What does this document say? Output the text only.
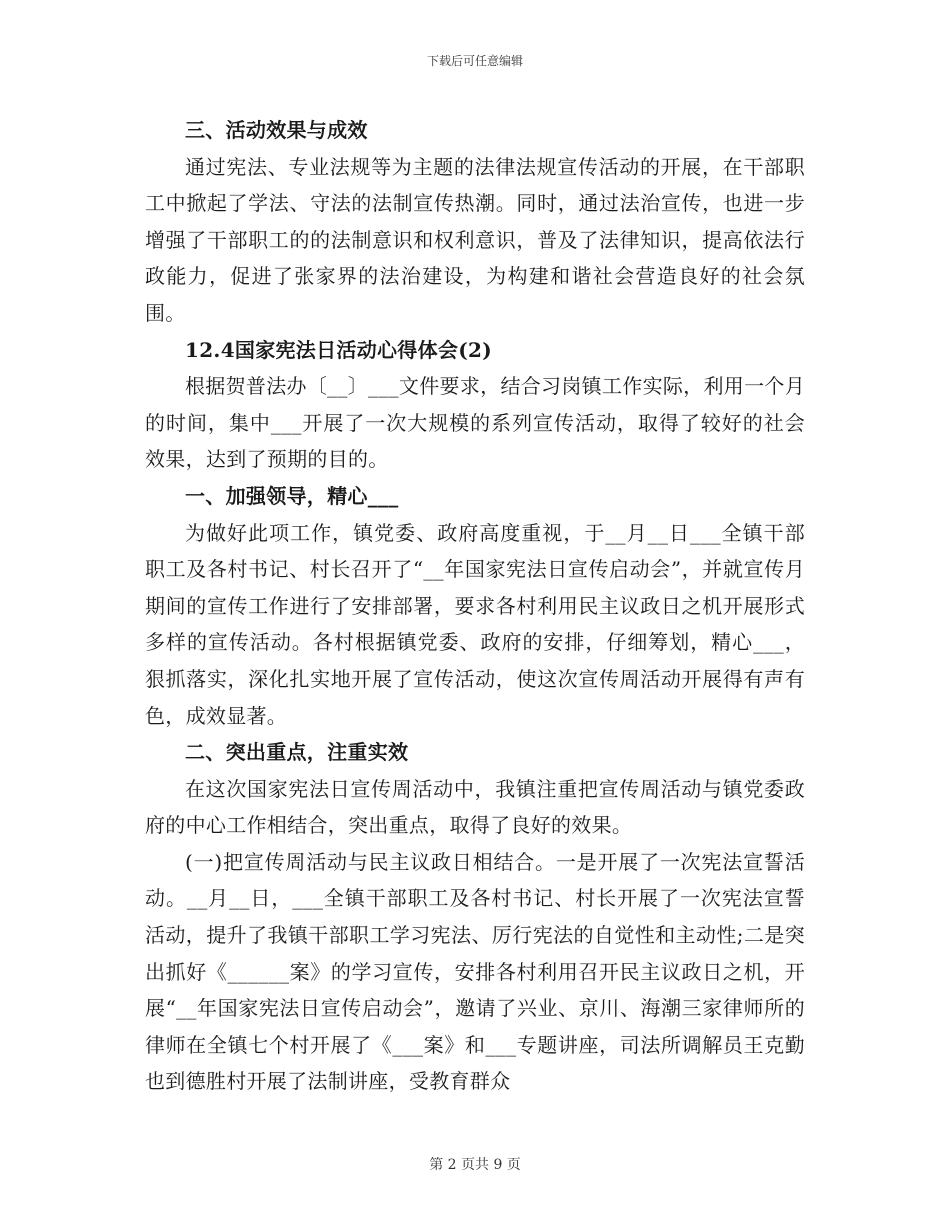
下载后可任意编辑

三、活动效果与成效

通过宪法、专业法规等为主题的法律法规宣传活动的开展，在干部职工中掀起了学法、守法的法制宣传热潮。同时，通过法治宣传，也进一步增强了干部职工的的法制意识和权利意识，普及了法律知识，提高依法行政能力，促进了张家界的法治建设，为构建和谐社会营造良好的社会氛围。

12.4国家宪法日活动心得体会(2)

根据贺普法办〔__〕___文件要求，结合习岗镇工作实际，利用一个月的时间，集中___开展了一次大规模的系列宣传活动，取得了较好的社会效果，达到了预期的目的。

一、加强领导，精心___

为做好此项工作，镇党委、政府高度重视，于__月__日___全镇干部职工及各村书记、村长召开了“__年国家宪法日宣传启动会”，并就宣传月期间的宣传工作进行了安排部署，要求各村利用民主议政日之机开展形式多样的宣传活动。各村根据镇党委、政府的安排，仔细筹划，精心___，狠抓落实，深化扎实地开展了宣传活动，使这次宣传周活动开展得有声有色，成效显著。

二、突出重点，注重实效

在这次国家宪法日宣传周活动中，我镇注重把宣传周活动与镇党委政府的中心工作相结合，突出重点，取得了良好的效果。

(一)把宣传周活动与民主议政日相结合。一是开展了一次宪法宣誓活动。__月__日，___全镇干部职工及各村书记、村长开展了一次宪法宣誓活动，提升了我镇干部职工学习宪法、厉行宪法的自觉性和主动性;二是突出抓好《______案》的学习宣传，安排各村利用召开民主议政日之机，开展“__年国家宪法日宣传启动会”，邀请了兴业、京川、海潮三家律师所的律师在全镇七个村开展了《___案》和___专题讲座，司法所调解员王克勤也到德胜村开展了法制讲座，受教育群众

第 2 页共 9 页
